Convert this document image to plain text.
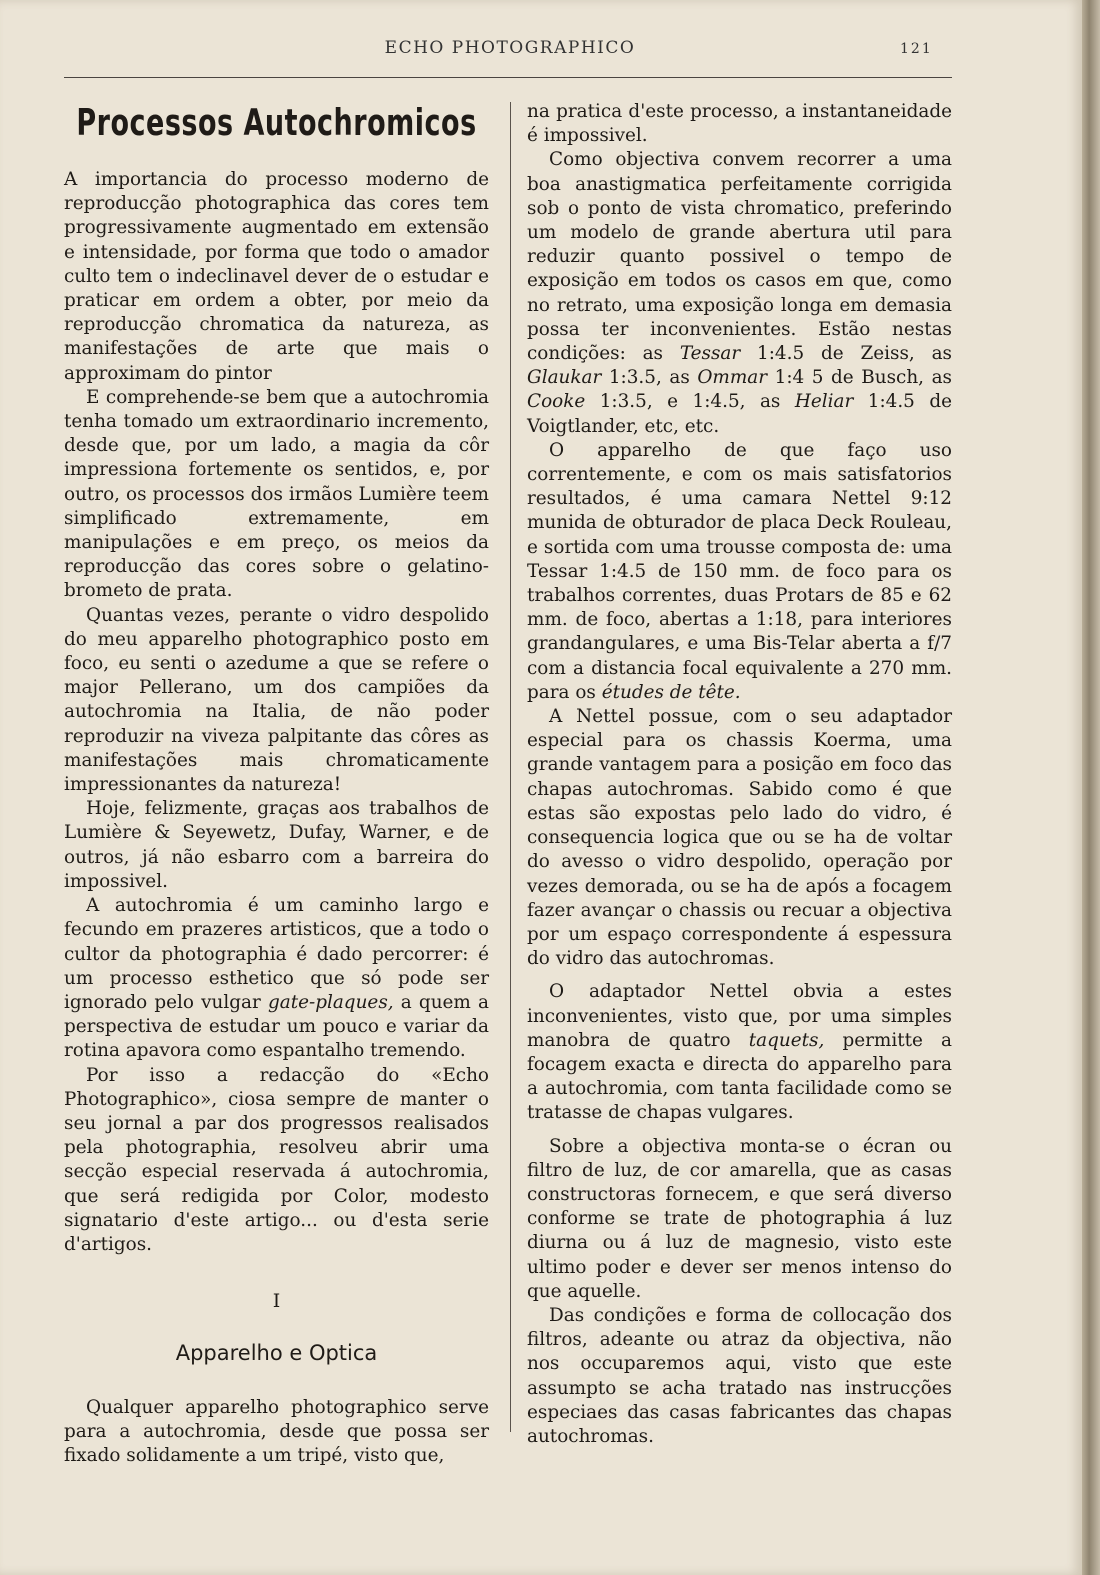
ECHO PHOTOGRAPHICO	121
Processos Autochromicos

A importancia do processo moderno de reproducção photographica das cores tem progressivamente augmentado em extensão e intensidade, por forma que todo o amador culto tem o indeclinavel dever de o estudar e praticar em ordem a obter, por meio da reproducção chromatica da natureza, as manifestações de arte que mais o approximam do pintor

E comprehende-se bem que a autochromia tenha tomado um extraordinario incremento, desde que, por um lado, a magia da côr impressiona fortemente os sentidos, e, por outro, os processos dos irmãos Lumière teem simplificado extremamente, em manipulações e em preço, os meios da reproducção das cores sobre o gelatino-brometo de prata.

Quantas vezes, perante o vidro despolido do meu apparelho photographico posto em foco, eu senti o azedume a que se refere o major Pellerano, um dos campiões da autochromia na Italia, de não poder reproduzir na viveza palpitante das côres as manifestações mais chromaticamente impressionantes da natureza!

Hoje, felizmente, graças aos trabalhos de Lumière & Seyewetz, Dufay, Warner, e de outros, já não esbarro com a barreira do impossivel.

A autochromia é um caminho largo e fecundo em prazeres artisticos, que a todo o cultor da photographia é dado percorrer: é um processo esthetico que só pode ser ignorado pelo vulgar gate-plaques, a quem a perspectiva de estudar um pouco e variar da rotina apavora como espantalho tremendo.

Por isso a redacção do «Echo Photographico», ciosa sempre de manter o seu jornal a par dos progressos realisados pela photographia, resolveu abrir uma secção especial reservada á autochromia, que será redigida por Color, modesto signatario d'este artigo... ou d'esta serie d'artigos.

I
Apparelho e Optica

Qualquer apparelho photographico serve para a autochromia, desde que possa ser fixado solidamente a um tripé, visto que,

na pratica d'este processo, a instantaneidade é impossivel.

Como objectiva convem recorrer a uma boa anastigmatica perfeitamente corrigida sob o ponto de vista chromatico, preferindo um modelo de grande abertura util para reduzir quanto possivel o tempo de exposição em todos os casos em que, como no retrato, uma exposição longa em demasia possa ter inconvenientes. Estão nestas condições: as Tessar 1:4.5 de Zeiss, as Glaukar 1:3.5, as Ommar 1:4 5 de Busch, as Cooke 1:3.5, e 1:4.5, as Heliar 1:4.5 de Voigtlander, etc, etc.

O apparelho de que faço uso correntemente, e com os mais satisfatorios resultados, é uma camara Nettel 9:12 munida de obturador de placa Deck Rouleau, e sortida com uma trousse composta de: uma Tessar 1:4.5 de 150 mm. de foco para os trabalhos correntes, duas Protars de 85 e 62 mm. de foco, abertas a 1:18, para interiores grandangulares, e uma Bis-Telar aberta a f/7 com a distancia focal equivalente a 270 mm. para os études de tête.

A Nettel possue, com o seu adaptador especial para os chassis Koerma, uma grande vantagem para a posição em foco das chapas autochromas. Sabido como é que estas são expostas pelo lado do vidro, é consequencia logica que ou se ha de voltar do avesso o vidro despolido, operação por vezes demorada, ou se ha de após a focagem fazer avançar o chassis ou recuar a objectiva por um espaço correspondente á espessura do vidro das autochromas.

O adaptador Nettel obvia a estes inconvenientes, visto que, por uma simples manobra de quatro taquets, permitte a focagem exacta e directa do apparelho para a autochromia, com tanta facilidade como se tratasse de chapas vulgares.

Sobre a objectiva monta-se o écran ou filtro de luz, de cor amarella, que as casas constructoras fornecem, e que será diverso conforme se trate de photographia á luz diurna ou á luz de magnesio, visto este ultimo poder e dever ser menos intenso do que aquelle.

Das condições e forma de collocação dos filtros, adeante ou atraz da objectiva, não nos occuparemos aqui, visto que este assumpto se acha tratado nas instrucções especiaes das casas fabricantes das chapas autochromas.
